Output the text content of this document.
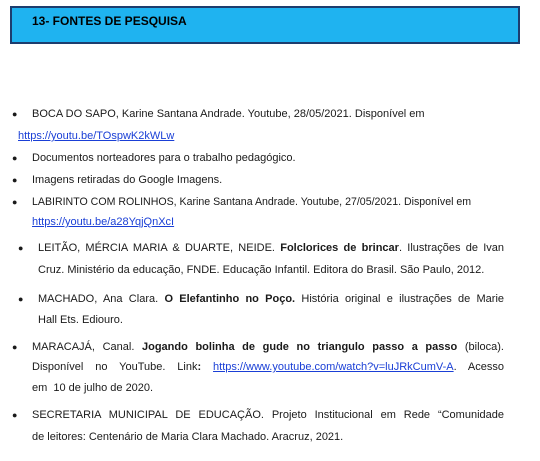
13- FONTES DE PESQUISA
● BOCA DO SAPO, Karine Santana Andrade. Youtube, 28/05/2021. Disponível em
https://youtu.be/TOspwK2kWLw
● Documentos norteadores para o trabalho pedagógico.
● Imagens retiradas do Google Imagens.
● LABIRINTO COM ROLINHOS, Karine Santana Andrade. Youtube, 27/05/2021. Disponível em
https://youtu.be/a28YqjQnXcI
● LEITÃO, MÉRCIA MARIA & DUARTE, NEIDE. Folclorices de brincar. Ilustrações de Ivan
Cruz. Ministério da educação, FNDE. Educação Infantil. Editora do Brasil. São Paulo, 2012.
● MACHADO, Ana Clara. O Elefantinho no Poço. História original e ilustrações de Marie
Hall Ets. Ediouro.
● MARACAJÁ, Canal. Jogando bolinha de gude no triangulo passo a passo (biloca).
Disponível no YouTube. Link: https://www.youtube.com/watch?v=luJRkCumV-A. Acesso
em  10 de julho de 2020.
● SECRETARIA MUNICIPAL DE EDUCAÇÃO. Projeto Institucional em Rede “Comunidade
de leitores: Centenário de Maria Clara Machado. Aracruz, 2021.
